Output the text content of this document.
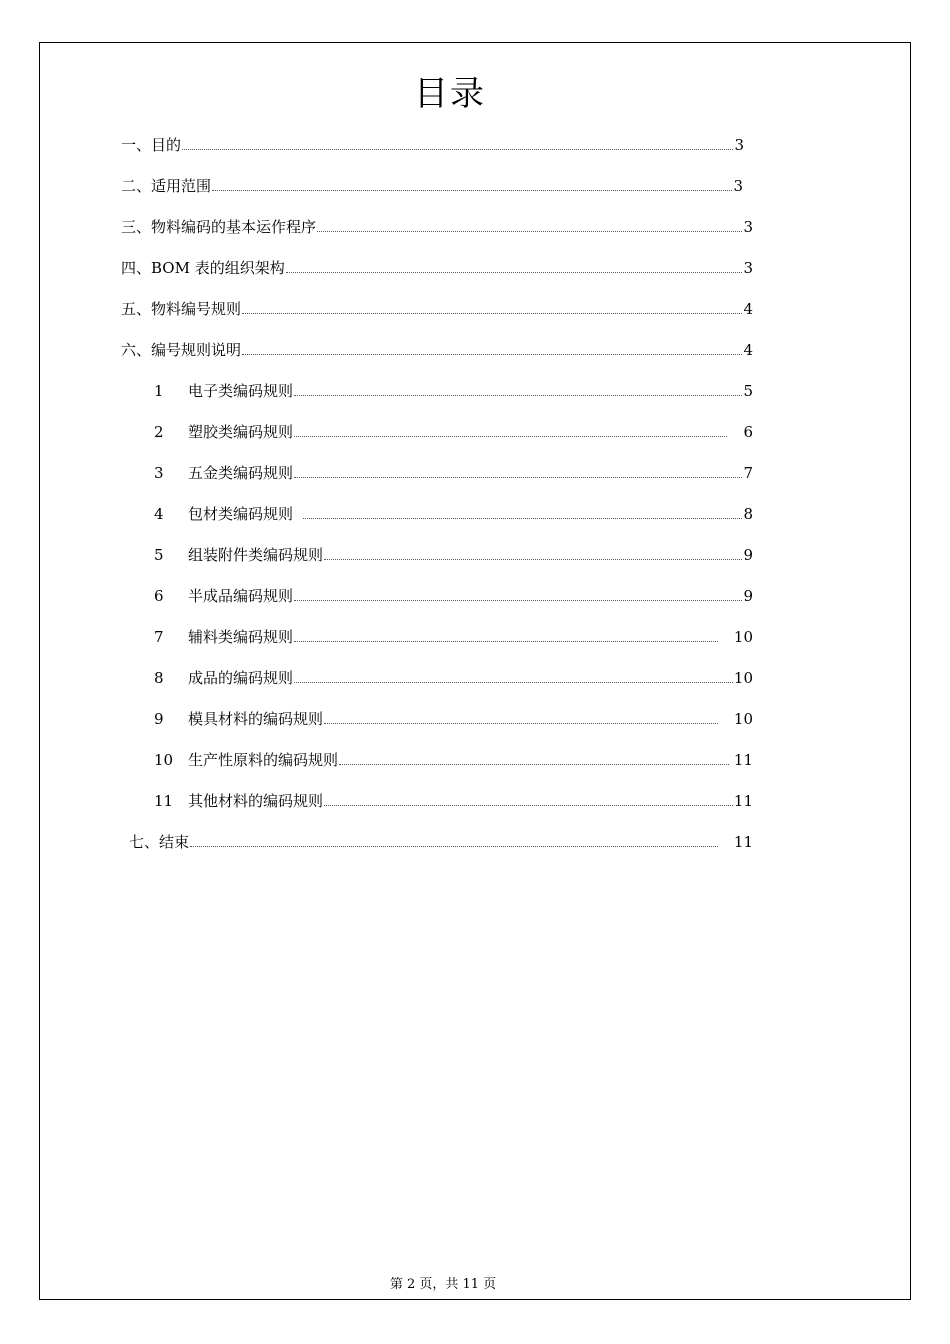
目录
一、目的	3
二、适用范围	3
三、物料编码的基本运作程序	3
四、BOM 表的组织架构	3
五、物料编号规则	4
六、编号规则说明	4
1	电子类编码规则	5
2	塑胶类编码规则	6
3	五金类编码规则	7
4	包材类编码规则	8
5	组装附件类编码规则	9
6	半成品编码规则	9
7	辅料类编码规则	10
8	成品的编码规则	10
9	模具材料的编码规则	10
10 生产性原料的编码规则	11
11 其他材料的编码规则	11
七、结束	11
第 2 页，共 11 页
